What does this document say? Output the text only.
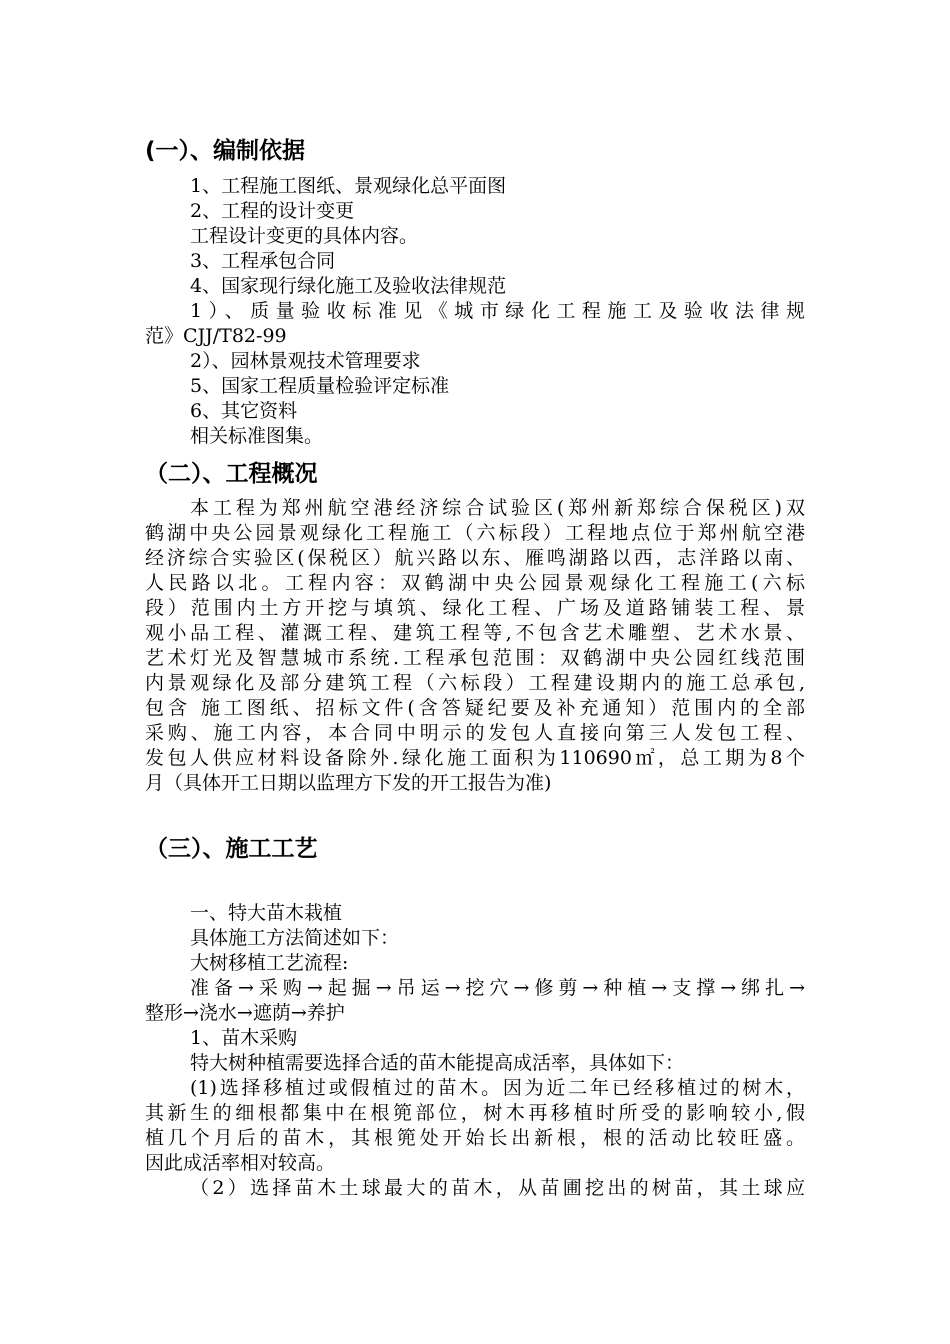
(一）、编制依据
1、工程施工图纸、景观绿化总平面图
2、工程的设计变更
工程设计变更的具体内容。
3、工程承包合同
4、国家现行绿化施工及验收法律规范
1）、质量验收标准见《城市绿化工程施工及验收法律规
范》CJJ/T82-99
2）、园林景观技术管理要求
5、国家工程质量检验评定标准
6、其它资料
相关标准图集。
（二）、工程概况
本工程为郑州航空港经济综合试验区(郑州新郑综合保税区)双
鹤湖中央公园景观绿化工程施工（六标段）工程地点位于郑州航空港
经济综合实验区(保税区）航兴路以东、雁鸣湖路以西，志洋路以南、
人民路以北。工程内容：双鹤湖中央公园景观绿化工程施工(六标
段）范围内土方开挖与填筑、绿化工程、广场及道路铺装工程、景
观小品工程、灌溉工程、建筑工程等,不包含艺术雕塑、艺术水景、
艺术灯光及智慧城市系统.工程承包范围：双鹤湖中央公园红线范围
内景观绿化及部分建筑工程（六标段）工程建设期内的施工总承包,
包含 施工图纸、招标文件(含答疑纪要及补充通知）范围内的全部
采购、施工内容，本合同中明示的发包人直接向第三人发包工程、
发包人供应材料设备除外.绿化施工面积为110690㎡，总工期为8个
月（具体开工日期以监理方下发的开工报告为准)
（三）、施工工艺
一、特大苗木栽植
具体施工方法简述如下：
大树移植工艺流程:
准备→采购→起掘→吊运→挖穴→修剪→种植→支撑→绑扎→
整形→浇水→遮荫→养护
1、苗木采购
特大树种植需要选择合适的苗木能提高成活率，具体如下：
(1)选择移植过或假植过的苗木。因为近二年已经移植过的树木，
其新生的细根都集中在根篼部位，树木再移植时所受的影响较小,假
植几个月后的苗木，其根篼处开始长出新根，根的活动比较旺盛。
因此成活率相对较高。
（2）选择苗木土球最大的苗木，从苗圃挖出的树苗，其土球应
